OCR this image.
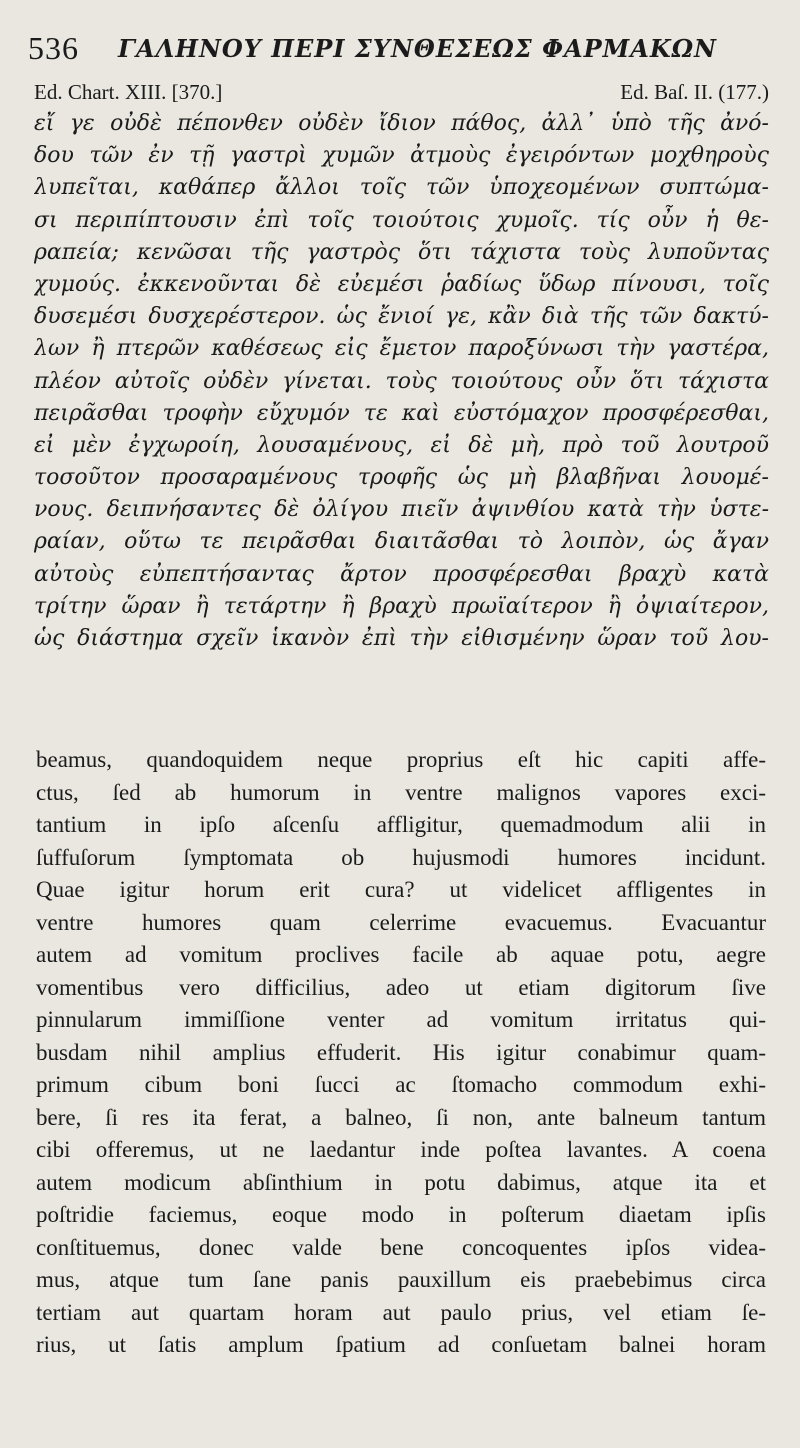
536 ΓΑΛΗΝΟΥ ΠΕΡΙ ΣΥΝΘΕΣΕΩΣ ΦΑΡΜΑΚΩΝ
Ed. Chart. XIII. [370.]	Ed. Baſ. II. (177.)
εἴ γε οὐδὲ πέπονθεν οὐδὲν ἴδιον πάθος, ἀλλ᾽ ὑπὸ τῆς ἀνό-
δου τῶν ἐν τῇ γαστρὶ χυμῶν ἀτμοὺς ἐγειρόντων μοχθηροὺς
λυπεῖται, καθάπερ ἄλλοι τοῖς τῶν ὑποχεομένων συπτώμα-
σι περιπίπτουσιν ἐπὶ τοῖς τοιούτοις χυμοῖς. τίς οὖν ἡ θε-
ραπεία; κενῶσαι τῆς γαστρὸς ὅτι τάχιστα τοὺς λυποῦντας
χυμούς. ἐκκενοῦνται δὲ εὐεμέσι ῥαδίως ὕδωρ πίνουσι, τοῖς
δυσεμέσι δυσχερέστερον. ὡς ἔνιοί γε, κἂν διὰ τῆς τῶν δακτύ-
λων ἢ πτερῶν καθέσεως εἰς ἔμετον παροξύνωσι τὴν γαστέρα,
πλέον αὐτοῖς οὐδὲν γίνεται. τοὺς τοιούτους οὖν ὅτι τάχιστα
πειρᾶσθαι τροφὴν εὔχυμόν τε καὶ εὐστόμαχον προσφέρεσθαι,
εἰ μὲν ἐγχωροίη, λουσαμένους, εἰ δὲ μὴ, πρὸ τοῦ λουτροῦ
τοσοῦτον προσαραμένους τροφῆς ὡς μὴ βλαβῆναι λουομέ-
νους. δειπνήσαντες δὲ ὀλίγου πιεῖν ἀψινθίου κατὰ τὴν ὑστε-
ραίαν, οὕτω τε πειρᾶσθαι διαιτᾶσθαι τὸ λοιπὸν, ὡς ἄγαν
αὐτοὺς εὐπεπτήσαντας ἄρτον προσφέρεσθαι βραχὺ κατὰ
τρίτην ὥραν ἢ τετάρτην ἢ βραχὺ πρωϊαίτερον ἢ ὀψιαίτερον,
ὡς διάστημα σχεῖν ἱκανὸν ἐπὶ τὴν εἰθισμένην ὥραν τοῦ λου-
beamus, quandoquidem neque proprius eſt hic capiti affe-
ctus, ſed ab humorum in ventre malignos vapores exci-
tantium in ipſo aſcenſu affligitur, quemadmodum alii in
ſuffuſorum ſymptomata ob hujusmodi humores incidunt.
Quae igitur horum erit cura? ut videlicet affligentes in
ventre humores quam celerrime evacuemus. Evacuantur
autem ad vomitum proclives facile ab aquae potu, aegre
vomentibus vero difficilius, adeo ut etiam digitorum ſive
pinnularum immiſſione venter ad vomitum irritatus qui-
busdam nihil amplius effuderit. His igitur conabimur quam-
primum cibum boni ſucci ac ſtomacho commodum exhi-
bere, ſi res ita ferat, a balneo, ſi non, ante balneum tantum
cibi offeremus, ut ne laedantur inde poſtea lavantes. A coena
autem modicum abſinthium in potu dabimus, atque ita et
poſtridie faciemus, eoque modo in poſterum diaetam ipſis
conſtituemus, donec valde bene concoquentes ipſos videa-
mus, atque tum ſane panis pauxillum eis praebebimus circa
tertiam aut quartam horam aut paulo prius, vel etiam ſe-
rius, ut ſatis amplum ſpatium ad conſuetam balnei horam
